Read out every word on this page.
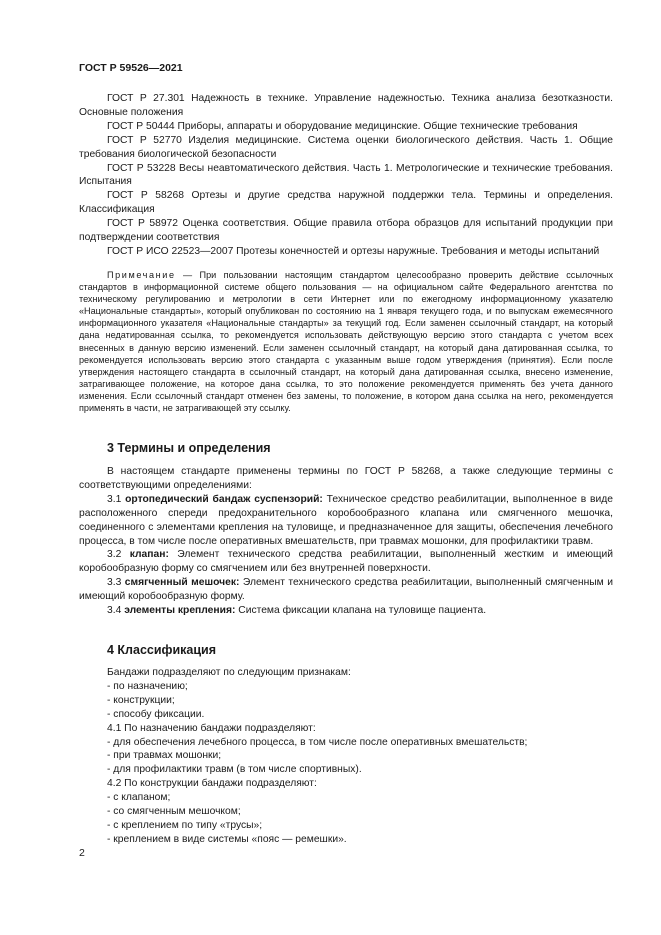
ГОСТ Р 59526—2021

ГОСТ Р 27.301 Надежность в технике. Управление надежностью. Техника анализа безотказности. Основные положения

ГОСТ Р 50444 Приборы, аппараты и оборудование медицинские. Общие технические требования

ГОСТ Р 52770 Изделия медицинские. Система оценки биологического действия. Часть 1. Общие требования биологической безопасности

ГОСТ Р 53228 Весы неавтоматического действия. Часть 1. Метрологические и технические требования. Испытания

ГОСТ Р 58268 Ортезы и другие средства наружной поддержки тела. Термины и определения. Классификация

ГОСТ Р 58972 Оценка соответствия. Общие правила отбора образцов для испытаний продукции при подтверждении соответствия

ГОСТ Р ИСО 22523—2007 Протезы конечностей и ортезы наружные. Требования и методы испытаний

Примечание — При пользовании настоящим стандартом целесообразно проверить действие ссылочных стандартов в информационной системе общего пользования — на официальном сайте Федерального агентства по техническому регулированию и метрологии в сети Интернет или по ежегодному информационному указателю «Национальные стандарты», который опубликован по состоянию на 1 января текущего года, и по выпускам ежемесячного информационного указателя «Национальные стандарты» за текущий год. Если заменен ссылочный стандарт, на который дана недатированная ссылка, то рекомендуется использовать действующую версию этого стандарта с учетом всех внесенных в данную версию изменений. Если заменен ссылочный стандарт, на который дана датированная ссылка, то рекомендуется использовать версию этого стандарта с указанным выше годом утверждения (принятия). Если после утверждения настоящего стандарта в ссылочный стандарт, на который дана датированная ссылка, внесено изменение, затрагивающее положение, на которое дана ссылка, то это положение рекомендуется применять без учета данного изменения. Если ссылочный стандарт отменен без замены, то положение, в котором дана ссылка на него, рекомендуется применять в части, не затрагивающей эту ссылку.
3 Термины и определения

В настоящем стандарте применены термины по ГОСТ Р 58268, а также следующие термины с соответствующими определениями:

3.1 ортопедический бандаж суспензорий: Техническое средство реабилитации, выполненное в виде расположенного спереди предохранительного коробообразного клапана или смягченного мешочка, соединенного с элементами крепления на туловище, и предназначенное для защиты, обеспечения лечебного процесса, в том числе после оперативных вмешательств, при травмах мошонки, для профилактики травм.

3.2 клапан: Элемент технического средства реабилитации, выполненный жестким и имеющий коробообразную форму со смягчением или без внутренней поверхности.

3.3 смягченный мешочек: Элемент технического средства реабилитации, выполненный смягченным и имеющий коробообразную форму.

3.4 элементы крепления: Система фиксации клапана на туловище пациента.

4 Классификация

Бандажи подразделяют по следующим признакам:

- по назначению;

- конструкции;

- способу фиксации.

4.1 По назначению бандажи подразделяют:

- для обеспечения лечебного процесса, в том числе после оперативных вмешательств;

- при травмах мошонки;

- для профилактики травм (в том числе спортивных).

4.2 По конструкции бандажи подразделяют:

- с клапаном;

- со смягченным мешочком;

- с креплением по типу «трусы»;

- креплением в виде системы «пояс — ремешки».

2
